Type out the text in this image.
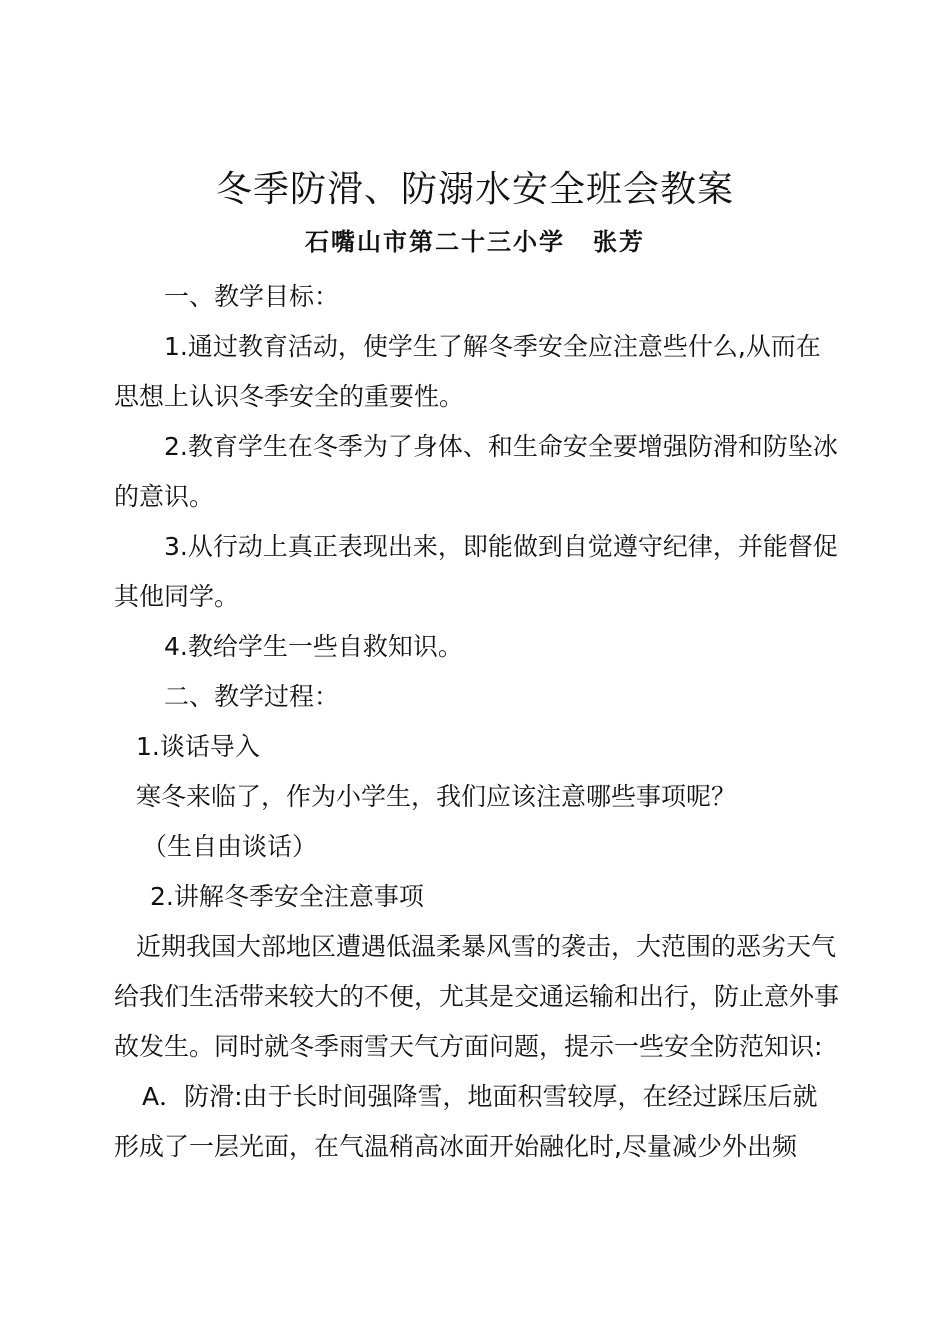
冬季防滑、防溺水安全班会教案
石嘴山市第二十三小学 张芳

一、教学目标：

1.通过教育活动，使学生了解冬季安全应注意些什么,从而在思想上认识冬季安全的重要性。

2.教育学生在冬季为了身体、和生命安全要增强防滑和防坠冰的意识。

3.从行动上真正表现出来，即能做到自觉遵守纪律，并能督促其他同学。

4.教给学生一些自救知识。

二、教学过程：

1.谈话导入

寒冬来临了，作为小学生，我们应该注意哪些事项呢？

（生自由谈话）

2.讲解冬季安全注意事项

近期我国大部地区遭遇低温柔暴风雪的袭击，大范围的恶劣天气给我们生活带来较大的不便，尤其是交通运输和出行，防止意外事故发生。同时就冬季雨雪天气方面问题，提示一些安全防范知识:

A．防滑:由于长时间强降雪，地面积雪较厚，在经过踩压后就形成了一层光面，在气温稍高冰面开始融化时,尽量减少外出频
